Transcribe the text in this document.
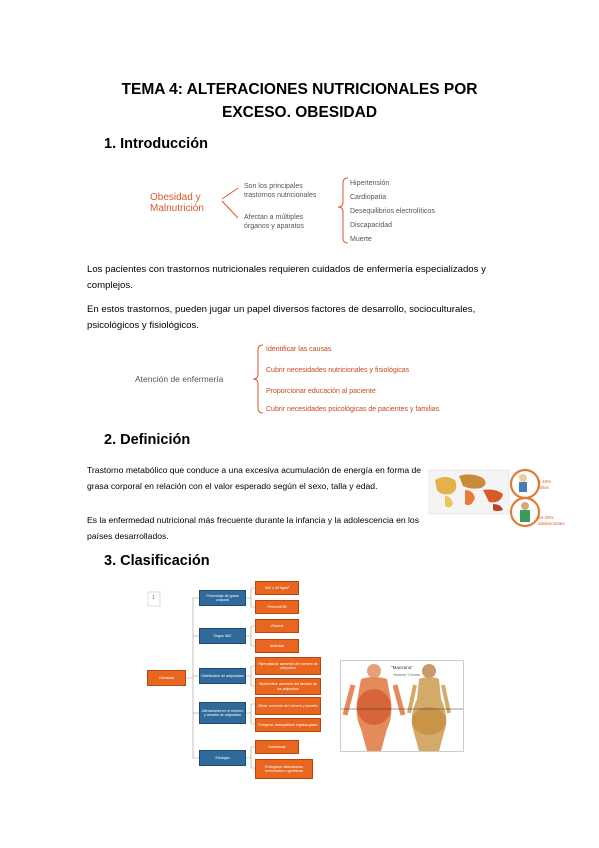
TEMA 4: ALTERACIONES NUTRICIONALES POR
EXCESO. OBESIDAD
1. Introducción
Obesidad y
Malnutrición
Son los principales
trastornos nutricionales
Afectan a múltiples
órganos y aparatos
Hipertensión
Cardiopatía
Desequilibrios electrolíticos
Discapacidad
Muerte
Los pacientes con trastornos nutricionales requieren cuidados de enfermería especializados y complejos.
En estos trastornos, pueden jugar un papel diversos factores de desarrollo, socioculturales, psicológicos y fisiológicos.
Atención de enfermería
Identificar las causas
Cubrir necesidades nutricionales y fisiológicas
Proporcionar educación al paciente
Cubrir necesidades psicológicas de pacientes y familias
2. Definición
Trastorno metabólico que conduce a una excesiva acumulación de energía en forma de grasa corporal en relación con el valor esperado según el sexo, talla y edad.
Es la enfermedad nutricional más frecuente durante la infancia y la adolescencia en los países desarrollados.
5-10%
niños
10-20%
adolescentes
3. Clasificación
1
Obesidad
Porcentaje de grasa corporal
Según IMC
Distribución de adiposidad
Alteraciones en el número y tamaño de adipocitos
Etiología
IMC ≥ 30 kg/m²
Percentil 95
Visceral
Androide
Hiperplásica: aumento del número de adipocitos
Hipertrófica: aumento del tamaño de los adipocitos
Mixta: aumento del número y tamaño
Exógena: desequilibrio ingesta-gasto
Nutricional
Endógena: alteraciones hormonales o genéticas
"Manzana"
Visceral / Central
